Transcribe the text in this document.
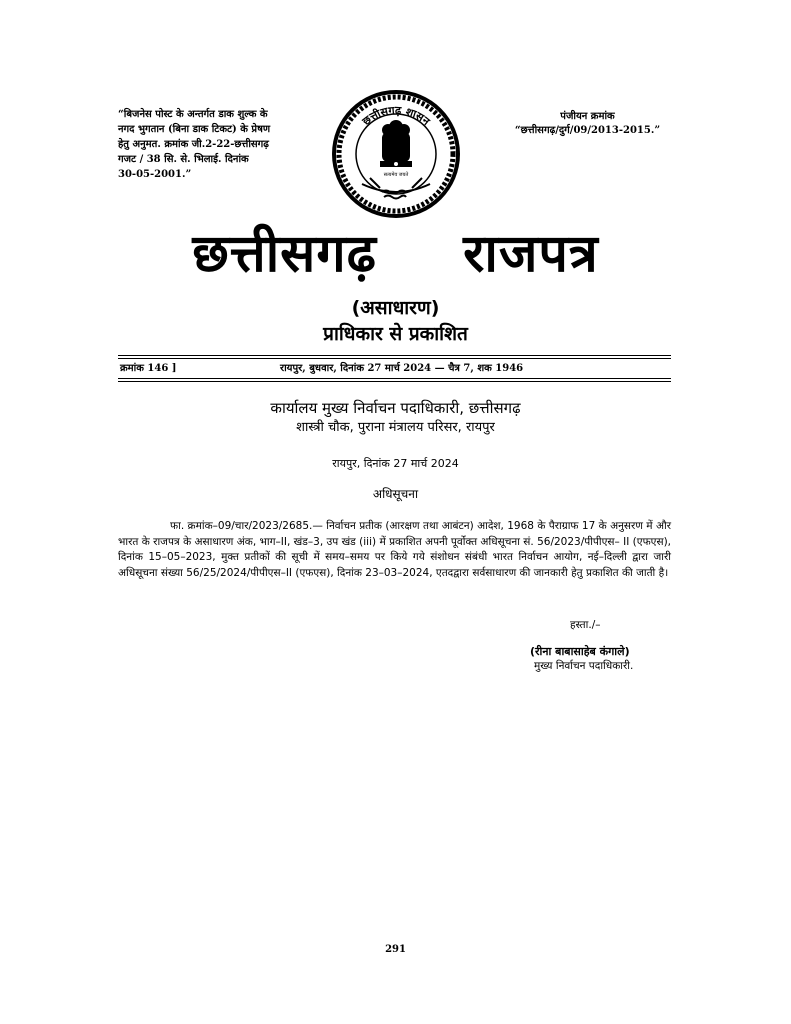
“बिजनेस पोस्ट के अन्तर्गत डाक शुल्क के
नगद भुगतान (बिना डाक टिकट) के प्रेषण
हेतु अनुमत. क्रमांक जी.2-22-छत्तीसगढ़
गजट / 38 सि. से. भिलाई. दिनांक
30-05-2001.”
पंजीयन क्रमांक
“छत्तीसगढ़/दुर्ग/09/2013-2015.”
छत्तीसगढ़ शासन
सत्यमेव जयते
छत्तीसगढ़ राजपत्र
(असाधारण)
प्राधिकार से प्रकाशित
क्रमांक 146 ]	रायपुर, बुधवार, दिनांक 27 मार्च 2024 — चैत्र 7, शक 1946
कार्यालय मुख्य निर्वाचन पदाधिकारी, छत्तीसगढ़
शास्त्री चौक, पुराना मंत्रालय परिसर, रायपुर
रायपुर, दिनांक 27 मार्च 2024
अधिसूचना

फा. क्रमांक–09/चार/2023/2685.— निर्वाचन प्रतीक (आरक्षण तथा आबंटन) आदेश, 1968 के पैराग्राफ 17 के अनुसरण में और भारत के राजपत्र के असाधारण अंक, भाग–II, खंड–3, उप खंड (iii) में प्रकाशित अपनी पूर्वोक्त अधिसूचना सं. 56/2023/पीपीएस– II (एफएस), दिनांक 15–05–2023, मुक्त प्रतीकों की सूची में समय–समय पर किये गये संशोधन संबंधी भारत निर्वाचन आयोग, नई–दिल्ली द्वारा जारी अधिसूचना संख्या 56/25/2024/पीपीएस–II (एफएस), दिनांक 23–03–2024, एतदद्वारा सर्वसाधारण की जानकारी हेतु प्रकाशित की जाती है।

हस्ता./–
(रीना बाबासाहेब कंगाले)
मुख्य निर्वाचन पदाधिकारी.
291
